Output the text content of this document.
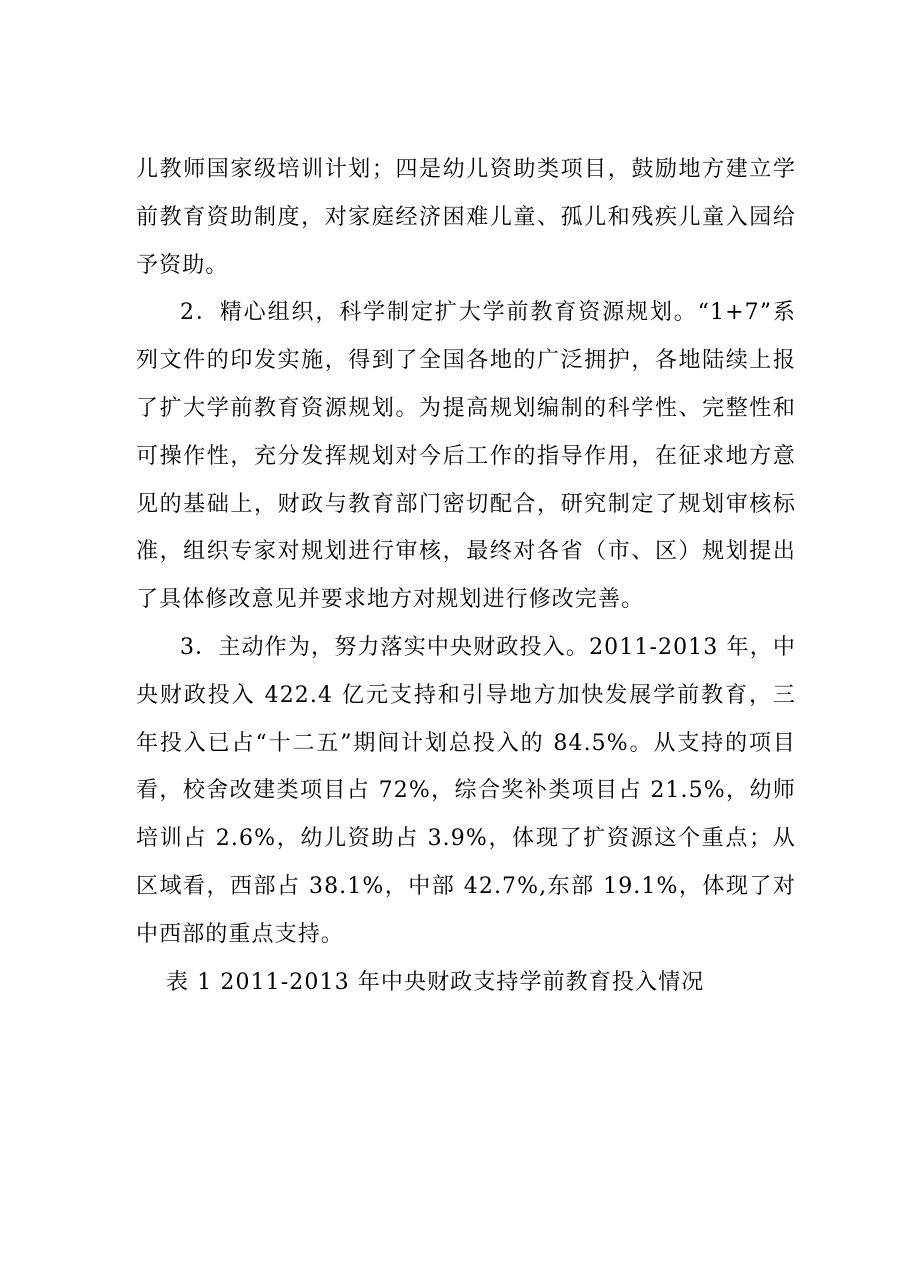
儿教师国家级培训计划；四是幼儿资助类项目，鼓励地方建立学前教育资助制度，对家庭经济困难儿童、孤儿和残疾儿童入园给予资助。

2．精心组织，科学制定扩大学前教育资源规划。“1+7”系列文件的印发实施，得到了全国各地的广泛拥护，各地陆续上报了扩大学前教育资源规划。为提高规划编制的科学性、完整性和可操作性，充分发挥规划对今后工作的指导作用，在征求地方意见的基础上，财政与教育部门密切配合，研究制定了规划审核标准，组织专家对规划进行审核，最终对各省（市、区）规划提出了具体修改意见并要求地方对规划进行修改完善。

3．主动作为，努力落实中央财政投入。2011-2013 年，中央财政投入 422.4 亿元支持和引导地方加快发展学前教育，三年投入已占“十二五”期间计划总投入的 84.5%。从支持的项目看，校舍改建类项目占 72%，综合奖补类项目占 21.5%，幼师培训占 2.6%，幼儿资助占 3.9%，体现了扩资源这个重点；从区域看，西部占 38.1%，中部 42.7%,东部 19.1%，体现了对中西部的重点支持。

表 1 2011-2013 年中央财政支持学前教育投入情况
